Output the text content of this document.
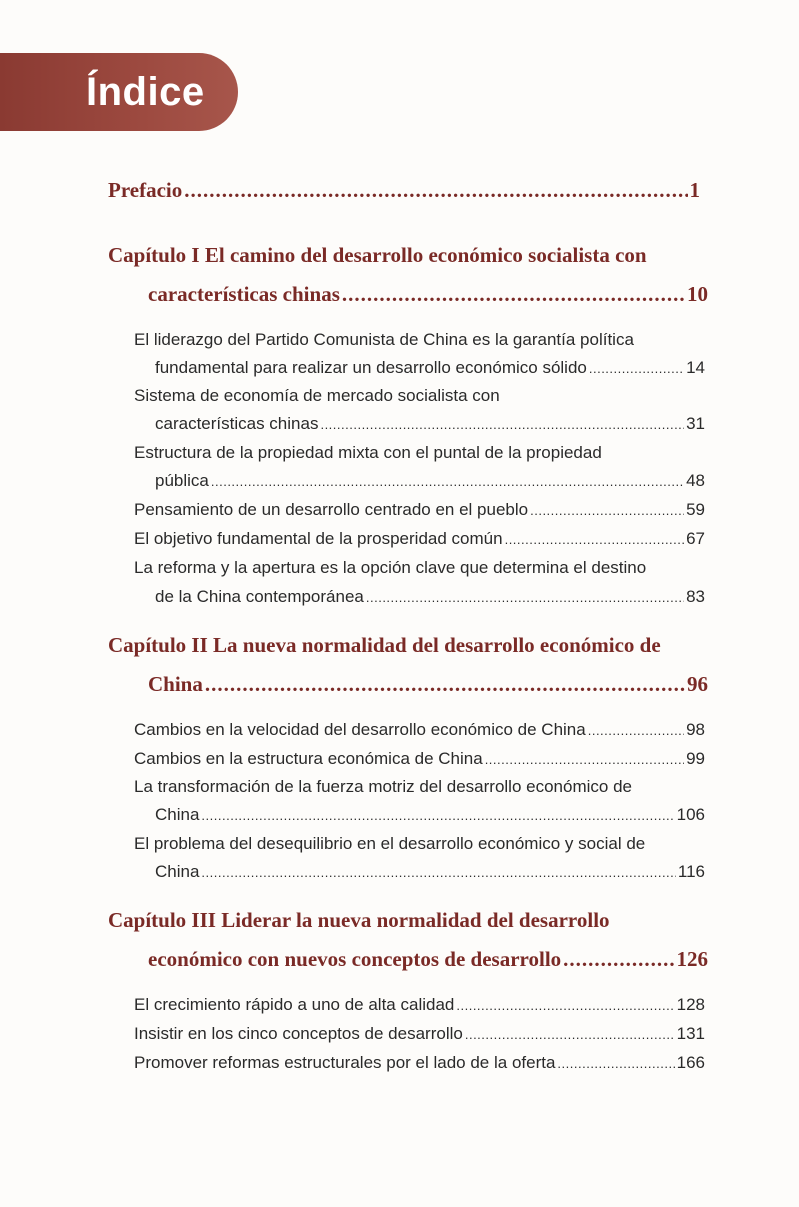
Índice
Prefacio .....	1
Capítulo I El camino del desarrollo económico socialista con
características chinas .....	10
El liderazgo del Partido Comunista de China es la garantía política
fundamental para realizar un desarrollo económico sólido .....	14
Sistema de economía de mercado socialista con
características chinas .....	31
Estructura de la propiedad mixta con el puntal de la propiedad
pública .....	48
Pensamiento de un desarrollo centrado en el pueblo .....	59
El objetivo fundamental de la prosperidad común .....	67
La reforma y la apertura es la opción clave que determina el destino
de la China contemporánea .....	83
Capítulo II La nueva normalidad del desarrollo económico de
China .....	96
Cambios en la velocidad del desarrollo económico de China .....	98
Cambios en la estructura económica de China .....	99
La transformación de la fuerza motriz del desarrollo económico de
China .....	106
El problema del desequilibrio en el desarrollo económico y social de
China .....	116
Capítulo III Liderar la nueva normalidad del desarrollo
económico con nuevos conceptos de desarrollo .....	126
El crecimiento rápido a uno de alta calidad .....	128
Insistir en los cinco conceptos de desarrollo .....	131
Promover reformas estructurales por el lado de la oferta .....	166
